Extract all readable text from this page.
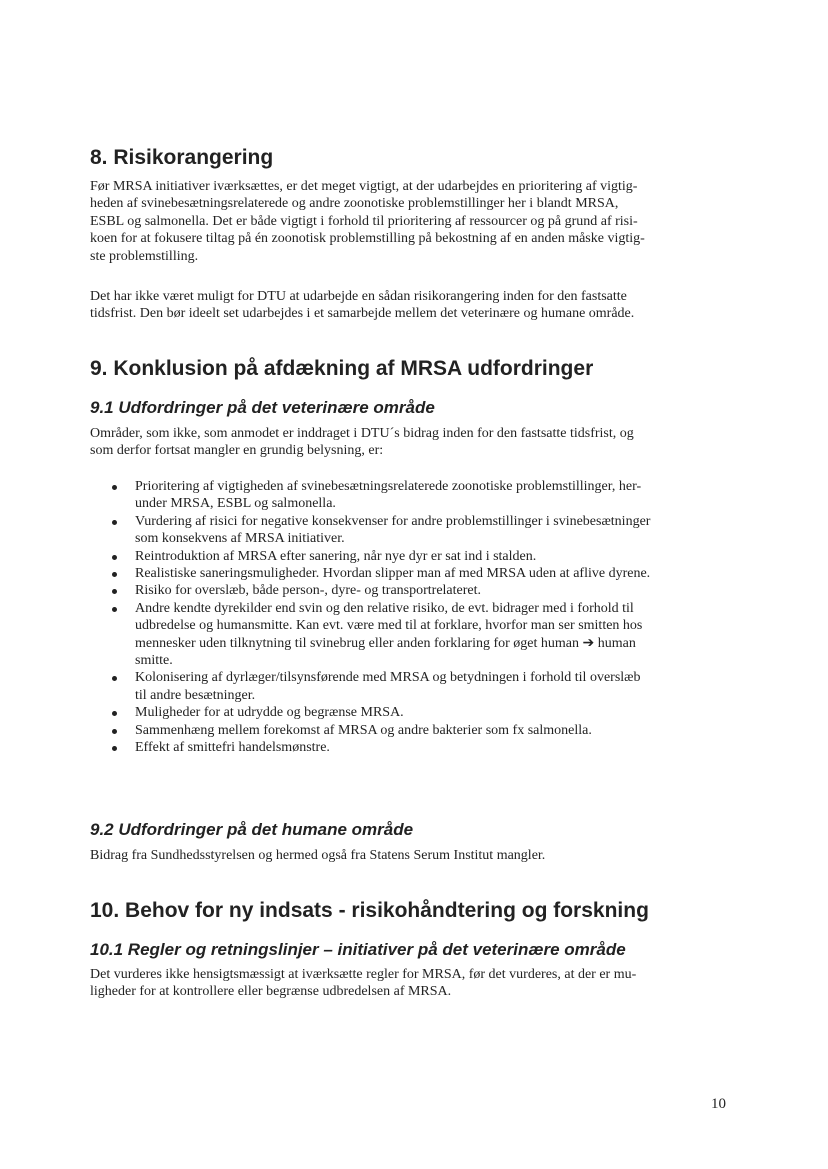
8. Risikorangering
Før MRSA initiativer iværksættes, er det meget vigtigt, at der udarbejdes en prioritering af vigtig-
heden af svinebesætningsrelaterede og andre zoonotiske problemstillinger her i blandt MRSA,
ESBL og salmonella. Det er både vigtigt i forhold til prioritering af ressourcer og på grund af risi-
koen for at fokusere tiltag på én zoonotisk problemstilling på bekostning af en anden måske vigtig-
ste problemstilling.
Det har ikke været muligt for DTU at udarbejde en sådan risikorangering inden for den fastsatte
tidsfrist. Den bør ideelt set udarbejdes i et samarbejde mellem det veterinære og humane område.
9. Konklusion på afdækning af MRSA udfordringer
9.1 Udfordringer på det veterinære område
Områder, som ikke, som anmodet er inddraget i DTU´s bidrag inden for den fastsatte tidsfrist, og
som derfor fortsat mangler en grundig belysning, er:
Prioritering af vigtigheden af svinebesætningsrelaterede zoonotiske problemstillinger, her-
under MRSA, ESBL og salmonella.
Vurdering af risici for negative konsekvenser for andre problemstillinger i svinebesætninger
som konsekvens af MRSA initiativer.
Reintroduktion af MRSA efter sanering, når nye dyr er sat ind i stalden.
Realistiske saneringsmuligheder. Hvordan slipper man af med MRSA uden at aflive dyrene.
Risiko for overslæb, både person-, dyre- og transportrelateret.
Andre kendte dyrekilder end svin og den relative risiko, de evt. bidrager med i forhold til
udbredelse og humansmitte. Kan evt. være med til at forklare, hvorfor man ser smitten hos
mennesker uden tilknytning til svinebrug eller anden forklaring for øget human ➔ human
smitte.
Kolonisering af dyrlæger/tilsynsførende med MRSA og betydningen i forhold til overslæb
til andre besætninger.
Muligheder for at udrydde og begrænse MRSA.
Sammenhæng mellem forekomst af MRSA og andre bakterier som fx salmonella.
Effekt af smittefri handelsmønstre.
9.2 Udfordringer på det humane område
Bidrag fra Sundhedsstyrelsen og hermed også fra Statens Serum Institut mangler.
10. Behov for ny indsats - risikohåndtering og forskning
10.1 Regler og retningslinjer – initiativer på det veterinære område
Det vurderes ikke hensigtsmæssigt at iværksætte regler for MRSA, før det vurderes, at der er mu-
ligheder for at kontrollere eller begrænse udbredelsen af MRSA.
10
